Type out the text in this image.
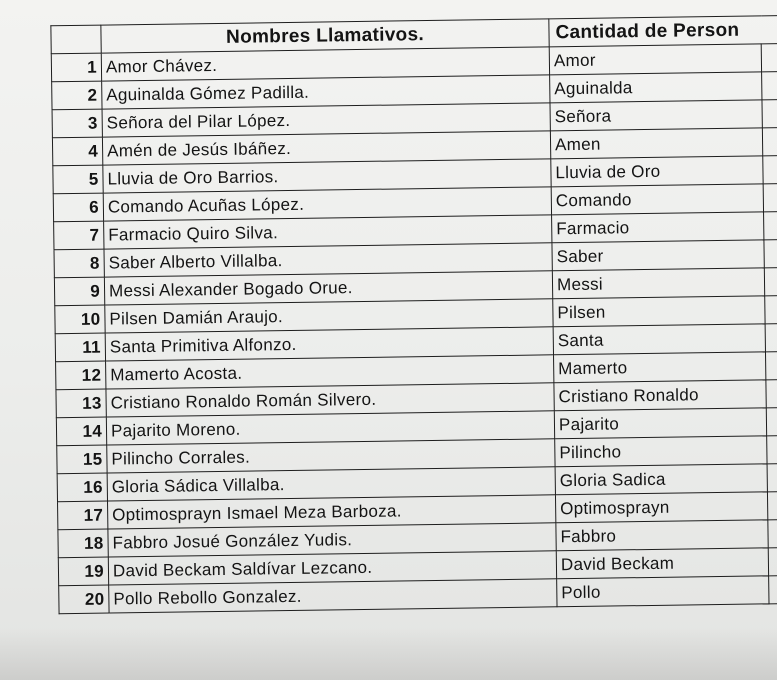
	Nombres Llamativos.	Cantidad de Person	
1	Amor Chávez.	Amor	
2	Aguinalda Gómez Padilla.	Aguinalda	
3	Señora del Pilar López.	Señora	
4	Amén de Jesús Ibáñez.	Amen	
5	Lluvia de Oro Barrios.	Lluvia de Oro	
6	Comando Acuñas López.	Comando	
7	Farmacio Quiro Silva.	Farmacio	
8	Saber Alberto Villalba.	Saber	
9	Messi Alexander Bogado Orue.	Messi	
10	Pilsen Damián Araujo.	Pilsen	
11	Santa Primitiva Alfonzo.	Santa	
12	Mamerto Acosta.	Mamerto	
13	Cristiano Ronaldo Román Silvero.	Cristiano Ronaldo	
14	Pajarito Moreno.	Pajarito	
15	Pilincho Corrales.	Pilincho	
16	Gloria Sádica Villalba.	Gloria Sadica	
17	Optimosprayn Ismael Meza Barboza.	Optimosprayn	
18	Fabbro Josué González Yudis.	Fabbro	
19	David Beckam Saldívar Lezcano.	David Beckam	
20	Pollo Rebollo Gonzalez.	Pollo	
